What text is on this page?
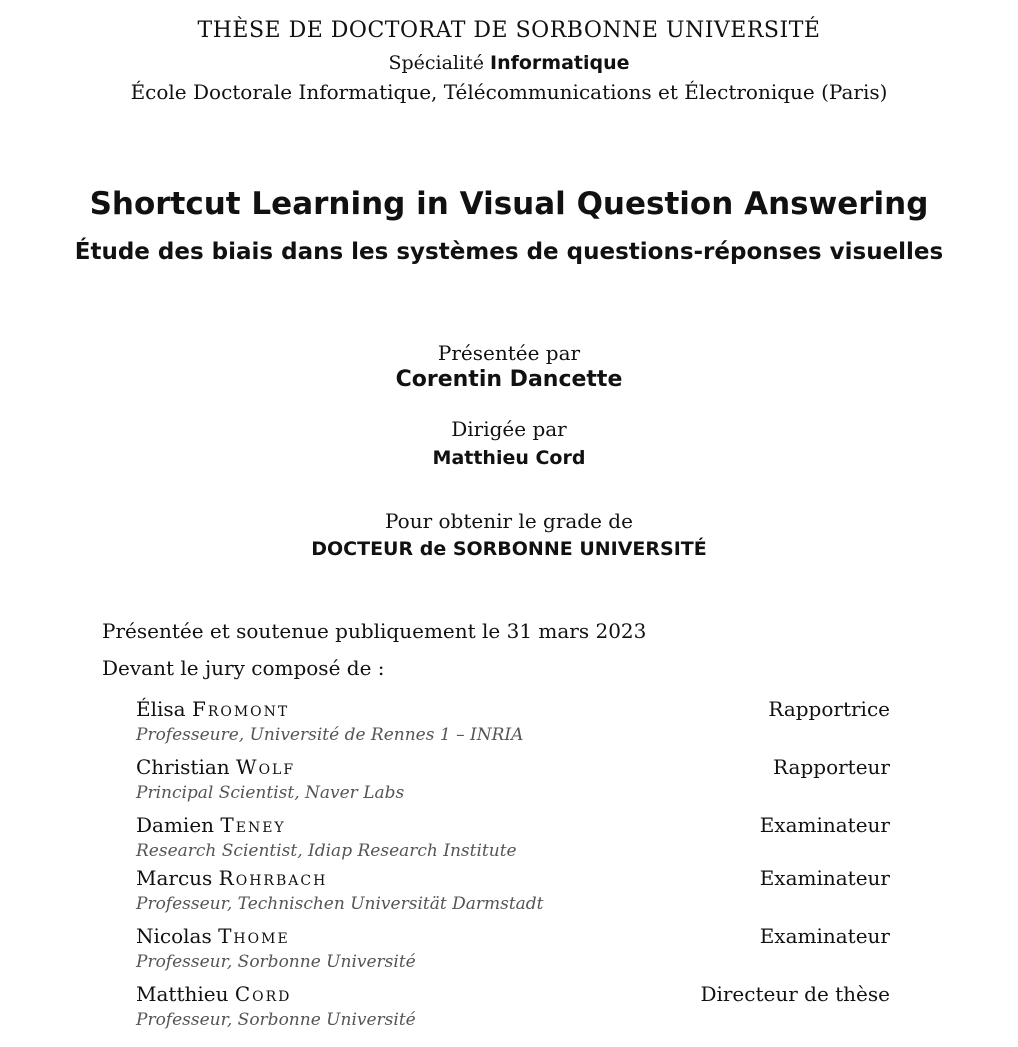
THÈSE DE DOCTORAT DE SORBONNE UNIVERSITÉ
Spécialité Informatique
École Doctorale Informatique, Télécommunications et Électronique (Paris)
Shortcut Learning in Visual Question Answering
Étude des biais dans les systèmes de questions-réponses visuelles
Présentée par
Corentin Dancette
Dirigée par
Matthieu Cord
Pour obtenir le grade de
DOCTEUR de SORBONNE UNIVERSITÉ
Présentée et soutenue publiquement le 31 mars 2023
Devant le jury composé de :
Élisa Fromont	Rapportrice
Professeure, Université de Rennes 1 – INRIA
Christian Wolf	Rapporteur
Principal Scientist, Naver Labs
Damien Teney	Examinateur
Research Scientist, Idiap Research Institute
Marcus Rohrbach	Examinateur
Professeur, Technischen Universität Darmstadt
Nicolas Thome	Examinateur
Professeur, Sorbonne Université
Matthieu Cord	Directeur de thèse
Professeur, Sorbonne Université
